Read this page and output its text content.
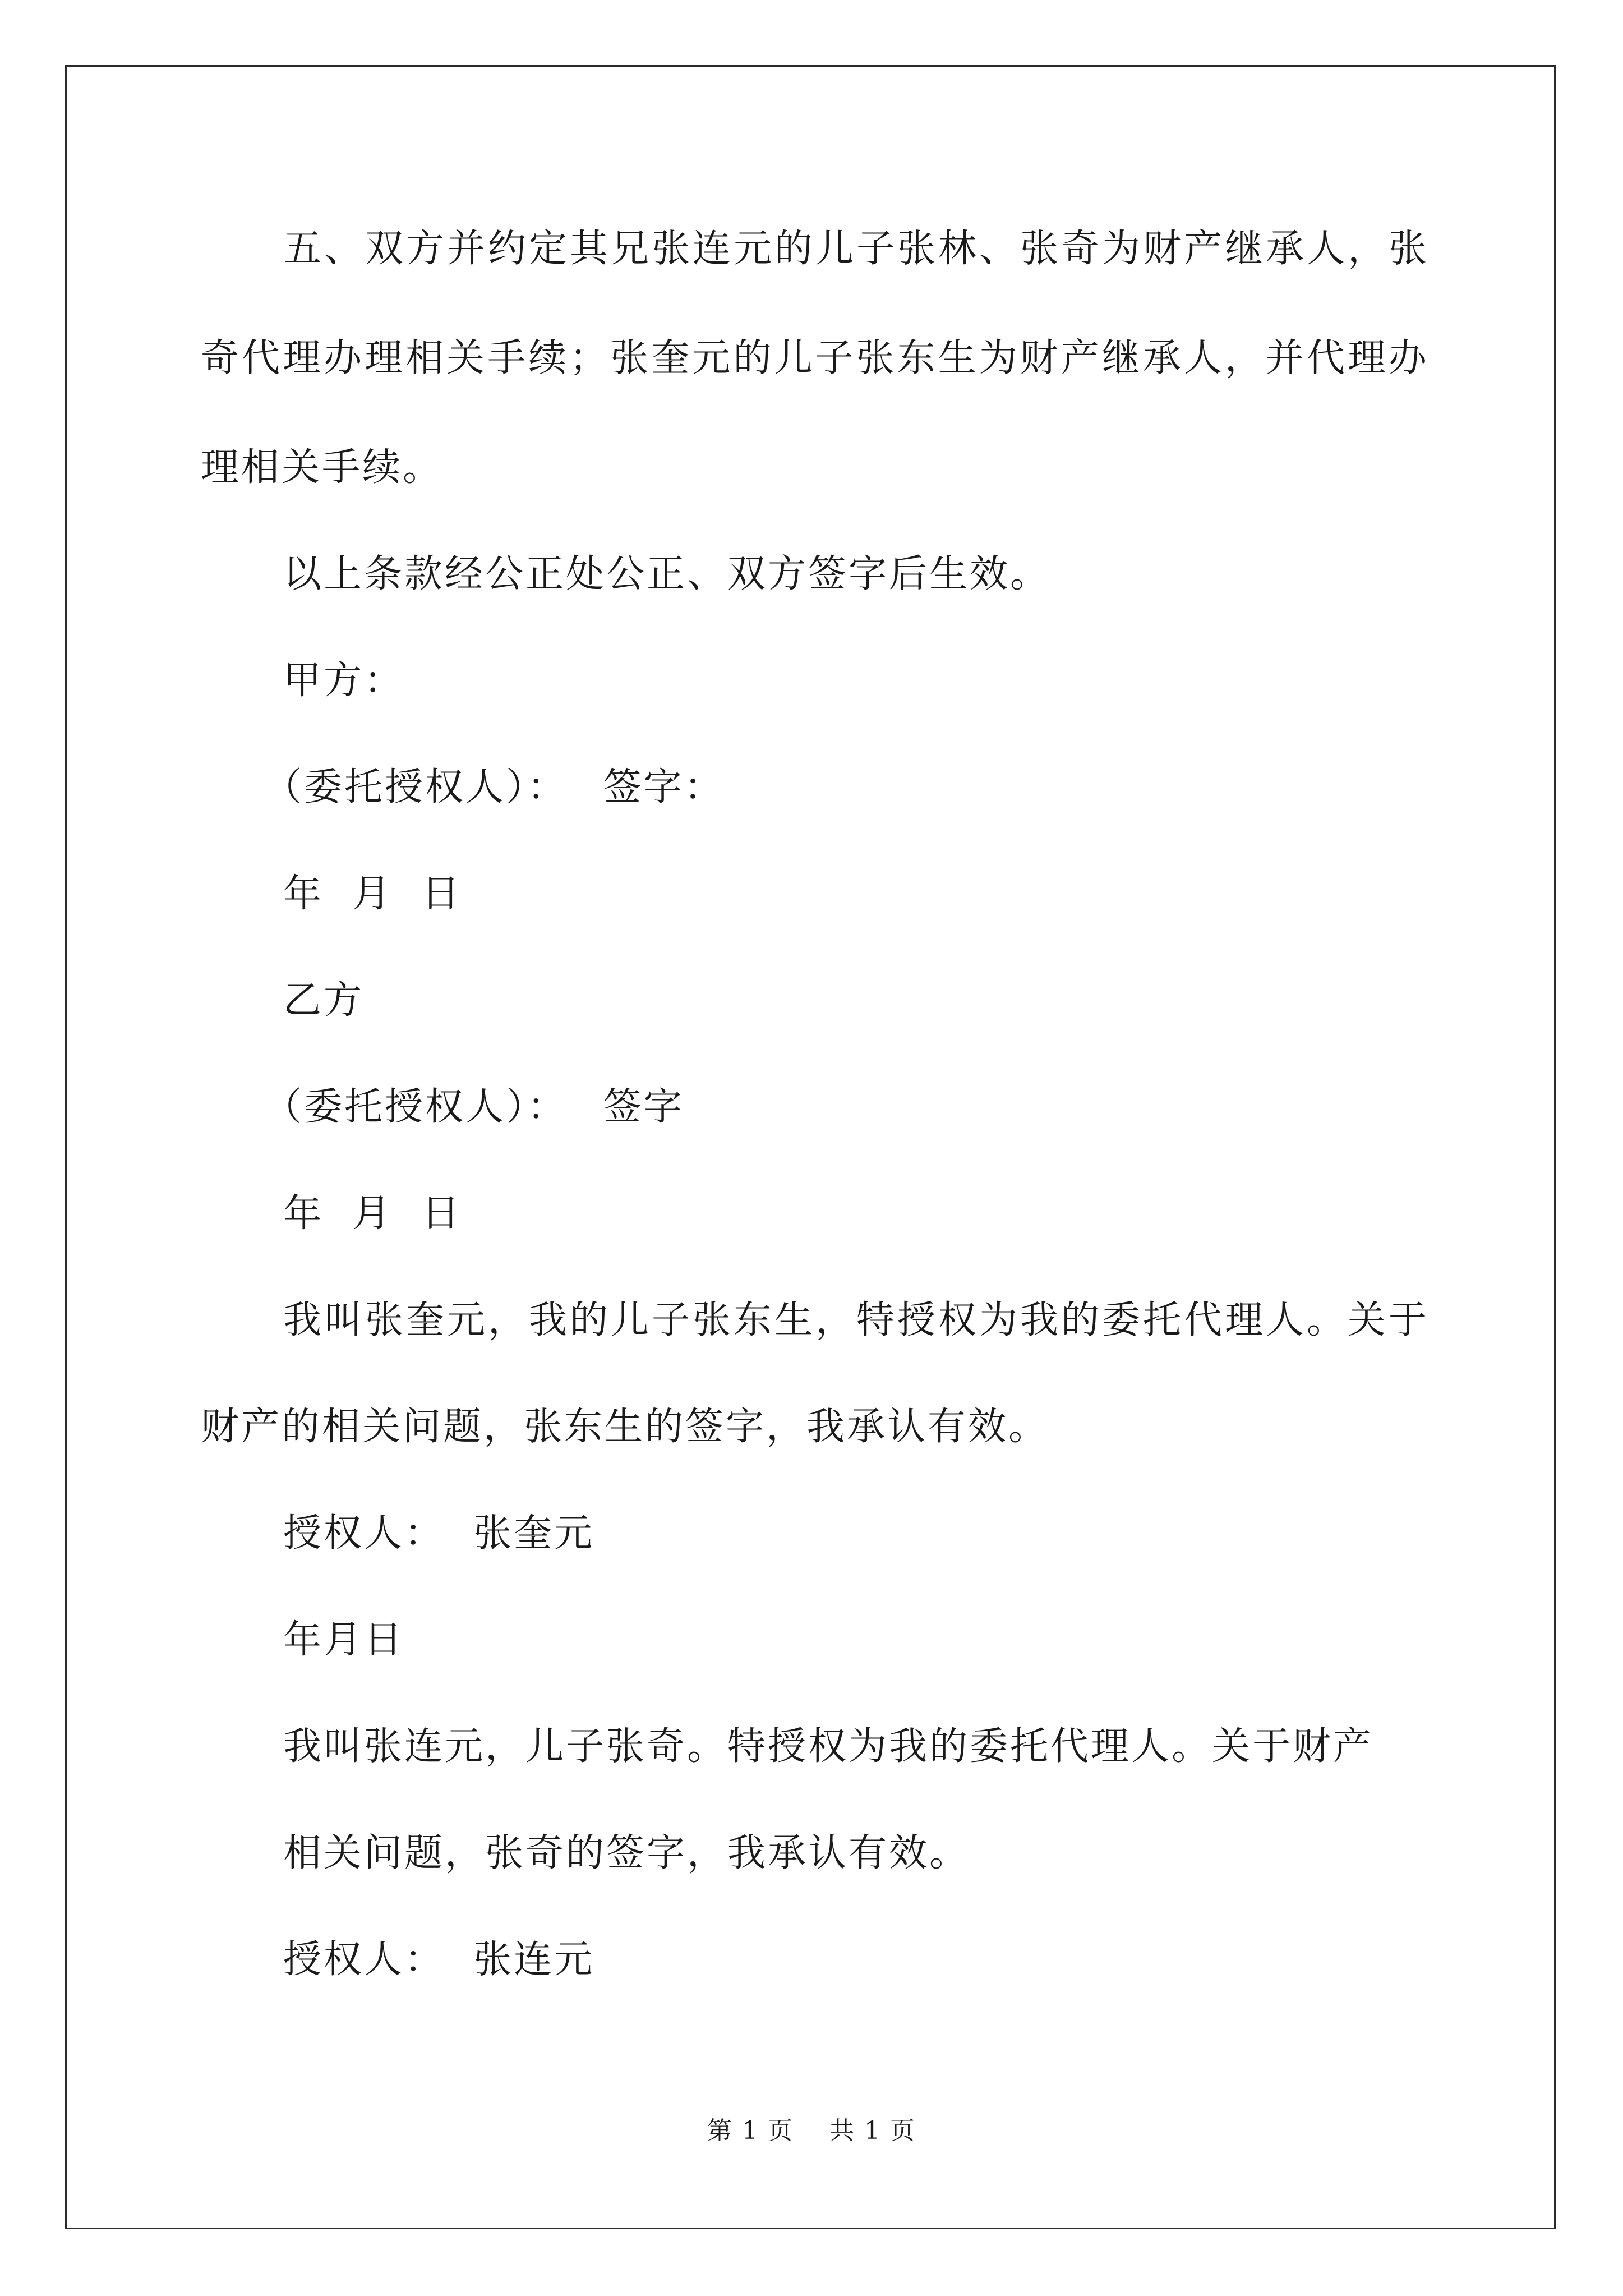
五、双方并约定其兄张连元的儿子张林、张奇为财产继承人，张
奇代理办理相关手续；张奎元的儿子张东生为财产继承人，并代理办
理相关手续。
以上条款经公正处公正、双方签字后生效。
甲方：
（委托授权人）：　 签字：
年  月  日
乙方
（委托授权人）：　 签字
年  月  日
我叫张奎元，我的儿子张东生，特授权为我的委托代理人。关于
财产的相关问题，张东生的签字，我承认有效。
授权人：  张奎元
年月日
我叫张连元，儿子张奇。特授权为我的委托代理人。关于财产
相关问题，张奇的签字，我承认有效。
授权人：  张连元
第 1 页    共 1 页
